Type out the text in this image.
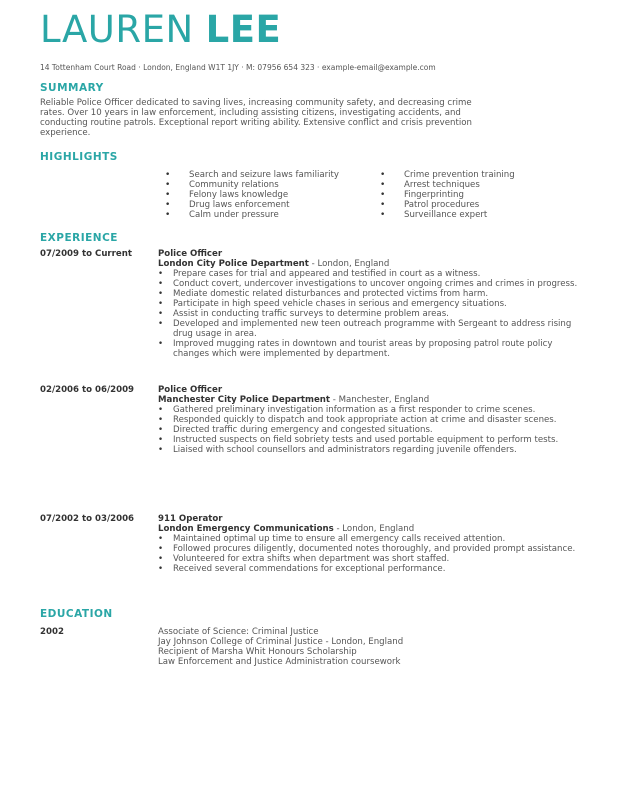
LAUREN LEE
14 Tottenham Court Road · London, England W1T 1JY · M: 07956 654 323 · example-email@example.com
SUMMARY
Reliable Police Officer dedicated to saving lives, increasing community safety, and decreasing crime
rates. Over 10 years in law enforcement, including assisting citizens, investigating accidents, and
conducting routine patrols. Exceptional report writing ability. Extensive conflict and crisis prevention
experience.
HIGHLIGHTS
• Search and seizure laws familiarity
• Community relations
• Felony laws knowledge
• Drug laws enforcement
• Calm under pressure
• Crime prevention training
• Arrest techniques
• Fingerprinting
• Patrol procedures
• Surveillance expert
EXPERIENCE
07/2009 to Current	Police Officer
London City Police Department - London, England
• Prepare cases for trial and appeared and testified in court as a witness.
• Conduct covert, undercover investigations to uncover ongoing crimes and crimes in progress.
• Mediate domestic related disturbances and protected victims from harm.
• Participate in high speed vehicle chases in serious and emergency situations.
• Assist in conducting traffic surveys to determine problem areas.
• Developed and implemented new teen outreach programme with Sergeant to address rising drug usage in area.
• Improved mugging rates in downtown and tourist areas by proposing patrol route policy changes which were implemented by department.
02/2006 to 06/2009	Police Officer
Manchester City Police Department - Manchester, England
• Gathered preliminary investigation information as a first responder to crime scenes.
• Responded quickly to dispatch and took appropriate action at crime and disaster scenes.
• Directed traffic during emergency and congested situations.
• Instructed suspects on field sobriety tests and used portable equipment to perform tests.
• Liaised with school counsellors and administrators regarding juvenile offenders.
07/2002 to 03/2006	911 Operator
London Emergency Communications - London, England
• Maintained optimal up time to ensure all emergency calls received attention.
• Followed procures diligently, documented notes thoroughly, and provided prompt assistance.
• Volunteered for extra shifts when department was short staffed.
• Received several commendations for exceptional performance.
EDUCATION
2002	Associate of Science: Criminal Justice
Jay Johnson College of Criminal Justice - London, England
Recipient of Marsha Whit Honours Scholarship
Law Enforcement and Justice Administration coursework
